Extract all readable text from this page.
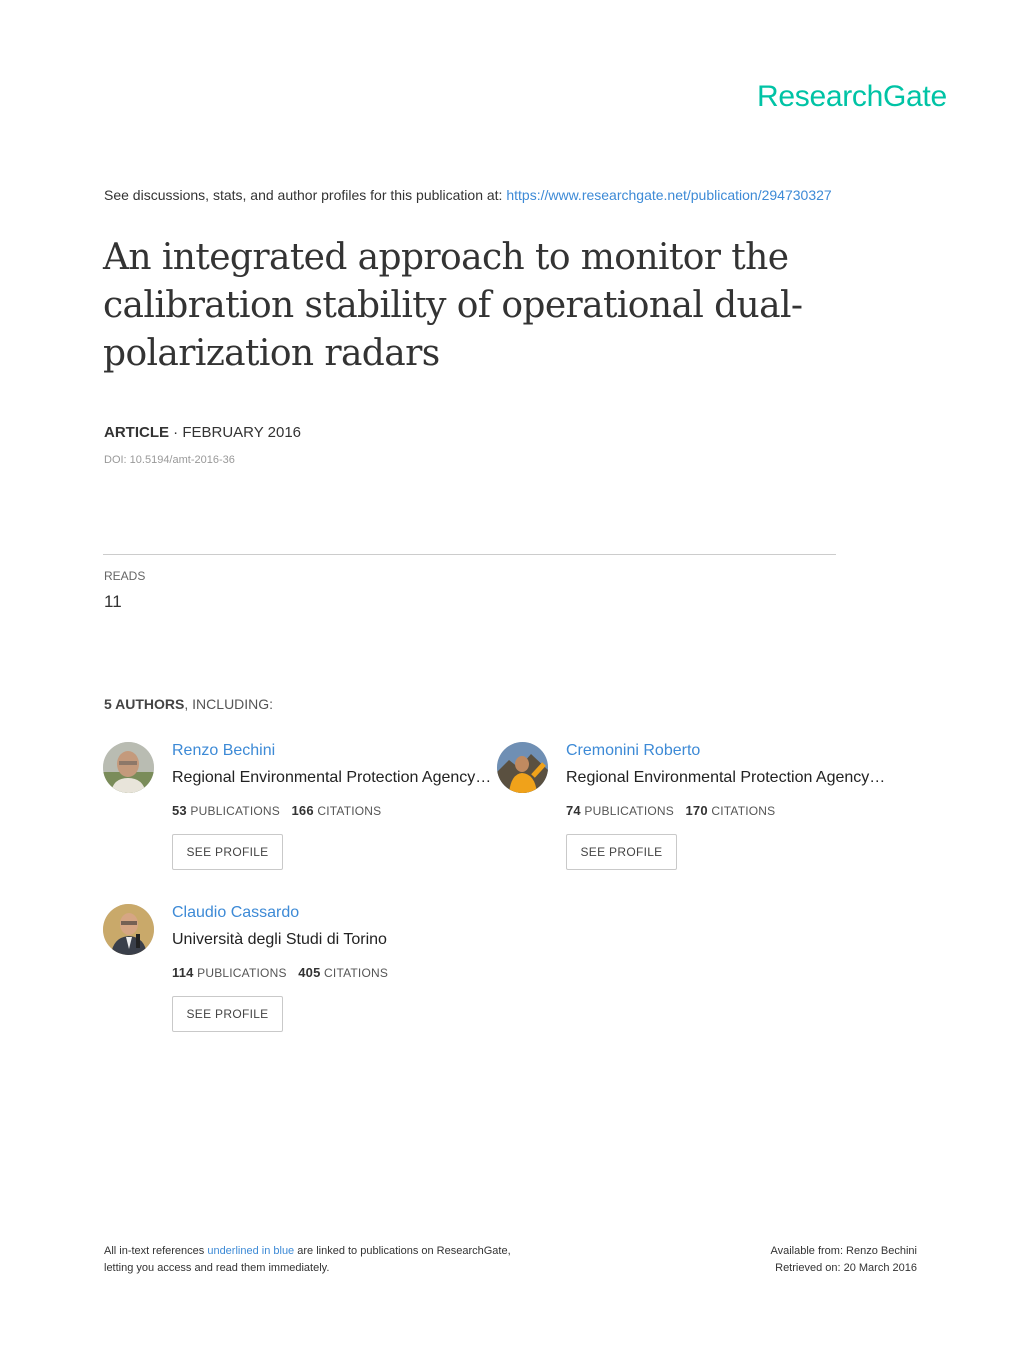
ResearchGate
See discussions, stats, and author profiles for this publication at: https://www.researchgate.net/publication/294730327
An integrated approach to monitor the
calibration stability of operational dual-
polarization radars
ARTICLE · FEBRUARY 2016
DOI: 10.5194/amt-2016-36
READS
11
5 AUTHORS, INCLUDING:
Renzo Bechini
Regional Environmental Protection Agency…
53 PUBLICATIONS 166 CITATIONS
SEE PROFILE
Cremonini Roberto
Regional Environmental Protection Agency…
74 PUBLICATIONS 170 CITATIONS
SEE PROFILE
Claudio Cassardo
Università degli Studi di Torino
114 PUBLICATIONS 405 CITATIONS
SEE PROFILE
All in-text references underlined in blue are linked to publications on ResearchGate,
letting you access and read them immediately.
Available from: Renzo Bechini
Retrieved on: 20 March 2016
